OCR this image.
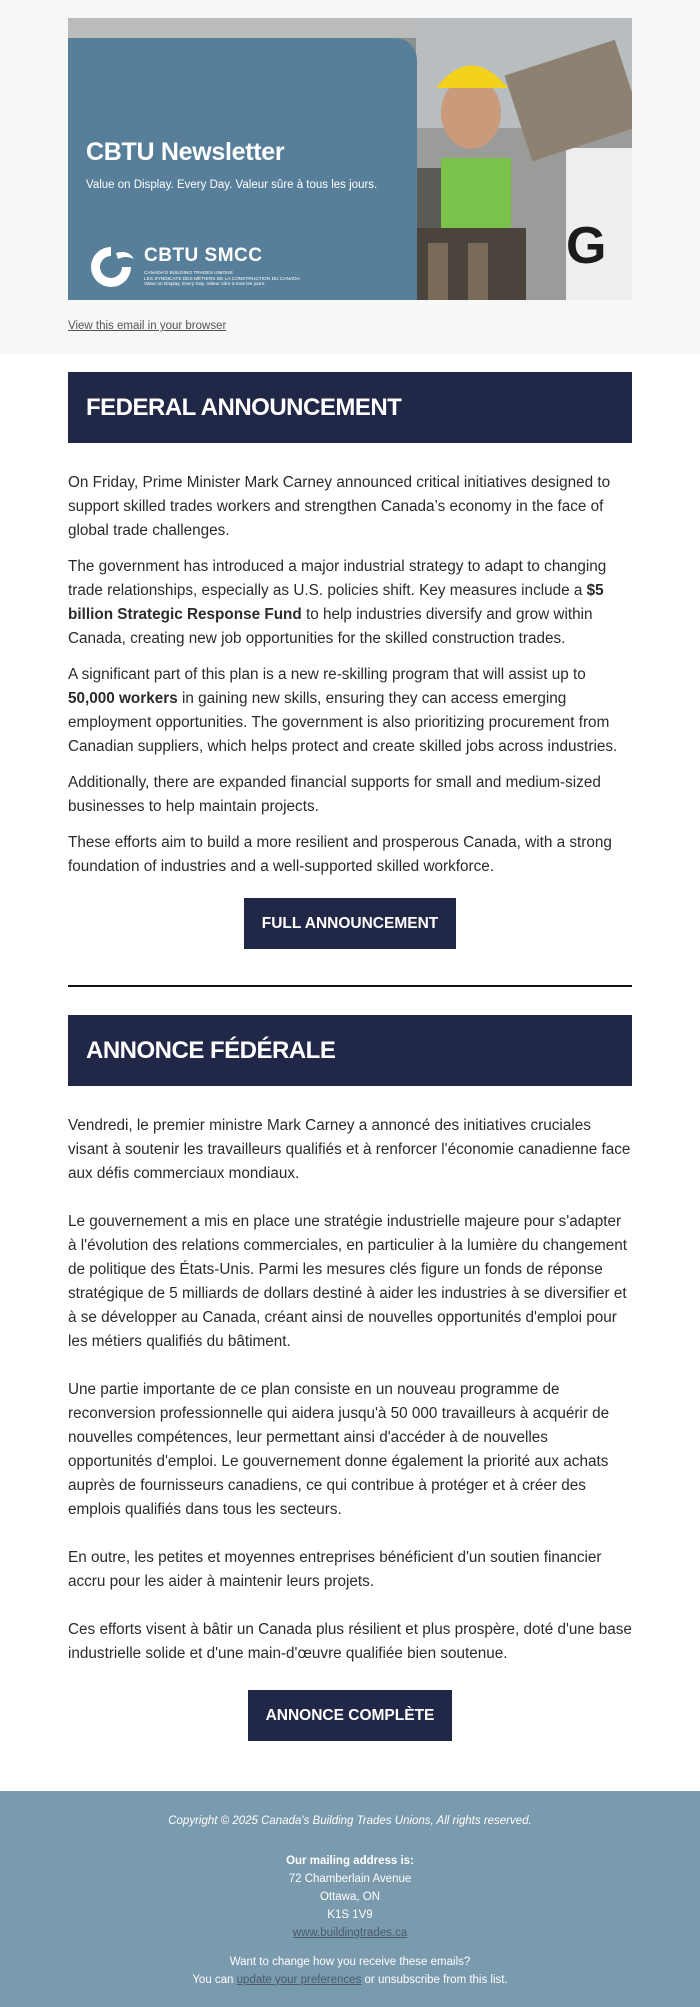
G
CBTU Newsletter
Value on Display. Every Day. Valeur sûre à tous les jours.
CBTU SMCC
CANADA'S BUILDING TRADES UNIONS
LES SYNDICATS DES MÉTIERS DE LA CONSTRUCTION DU CANADA
Value on Display. Every Day. Valeur sûre à tous les jours.
View this email in your browser
FEDERAL ANNOUNCEMENT

On Friday, Prime Minister Mark Carney announced critical initiatives designed to support skilled trades workers and strengthen Canada’s economy in the face of global trade challenges.

The government has introduced a major industrial strategy to adapt to changing trade relationships, especially as U.S. policies shift. Key measures include a $5 billion Strategic Response Fund to help industries diversify and grow within Canada, creating new job opportunities for the skilled construction trades.

A significant part of this plan is a new re-skilling program that will assist up to 50,000 workers in gaining new skills, ensuring they can access emerging employment opportunities. The government is also prioritizing procurement from Canadian suppliers, which helps protect and create skilled jobs across industries.

Additionally, there are expanded financial supports for small and medium-sized businesses to help maintain projects.

These efforts aim to build a more resilient and prosperous Canada, with a strong foundation of industries and a well-supported skilled workforce.

FULL ANNOUNCEMENT
ANNONCE FÉDÉRALE

Vendredi, le premier ministre Mark Carney a annoncé des initiatives cruciales visant à soutenir les travailleurs qualifiés et à renforcer l'économie canadienne face aux défis commerciaux mondiaux.

Le gouvernement a mis en place une stratégie industrielle majeure pour s'adapter à l'évolution des relations commerciales, en particulier à la lumière du changement de politique des États-Unis. Parmi les mesures clés figure un fonds de réponse stratégique de 5 milliards de dollars destiné à aider les industries à se diversifier et à se développer au Canada, créant ainsi de nouvelles opportunités d'emploi pour les métiers qualifiés du bâtiment.

Une partie importante de ce plan consiste en un nouveau programme de reconversion professionnelle qui aidera jusqu'à 50 000 travailleurs à acquérir de nouvelles compétences, leur permettant ainsi d'accéder à de nouvelles opportunités d'emploi. Le gouvernement donne également la priorité aux achats auprès de fournisseurs canadiens, ce qui contribue à protéger et à créer des emplois qualifiés dans tous les secteurs.

En outre, les petites et moyennes entreprises bénéficient d'un soutien financier accru pour les aider à maintenir leurs projets.

Ces efforts visent à bâtir un Canada plus résilient et plus prospère, doté d'une base industrielle solide et d'une main-d'œuvre qualifiée bien soutenue.

ANNONCE COMPLÈTE
Copyright © 2025 Canada's Building Trades Unions, All rights reserved.
Our mailing address is:
72 Chamberlain Avenue
Ottawa, ON
K1S 1V9
www.buildingtrades.ca
Want to change how you receive these emails?
You can update your preferences or unsubscribe from this list.
